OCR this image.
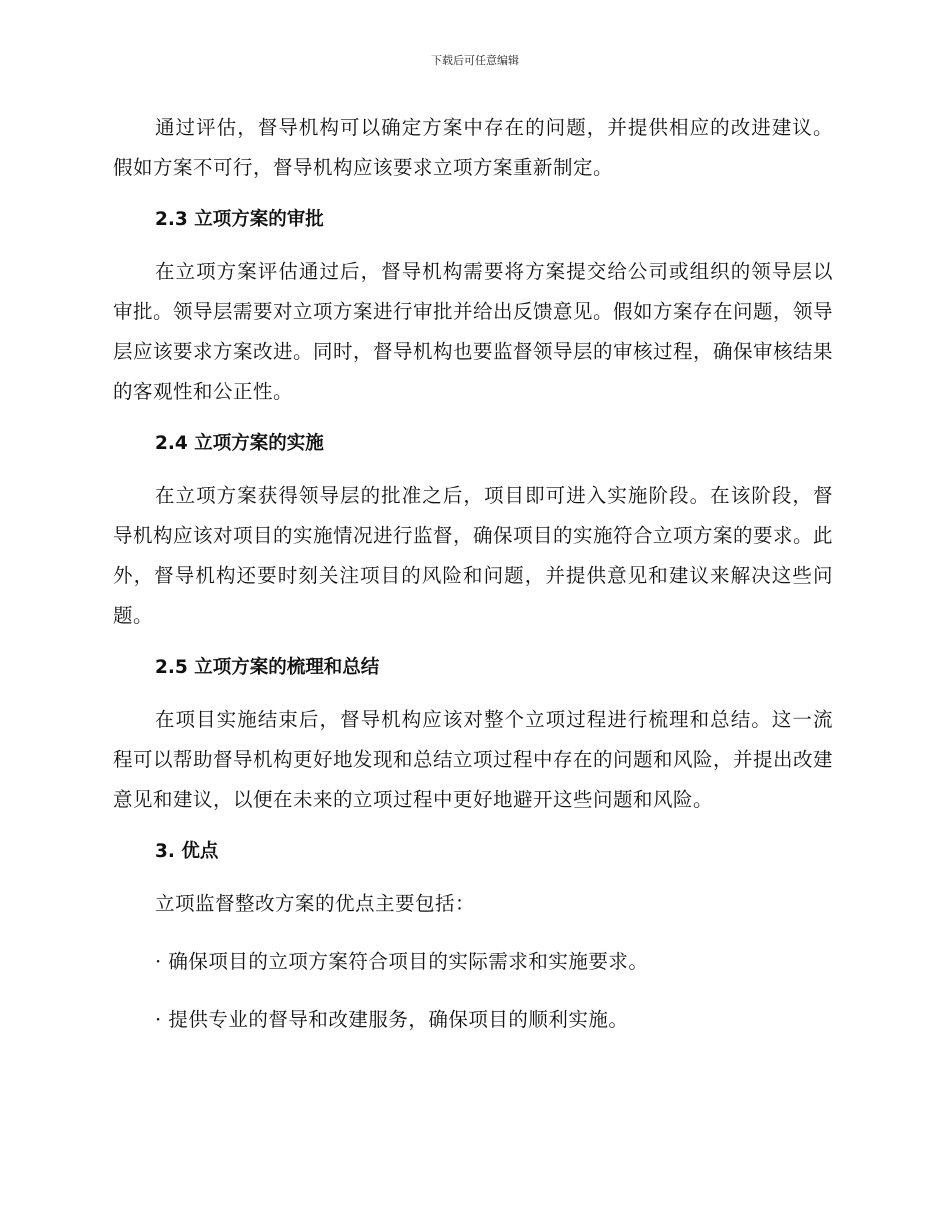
下载后可任意编辑

通过评估，督导机构可以确定方案中存在的问题，并提供相应的改进建议。假如方案不可行，督导机构应该要求立项方案重新制定。

2.3 立项方案的审批

在立项方案评估通过后，督导机构需要将方案提交给公司或组织的领导层以审批。领导层需要对立项方案进行审批并给出反馈意见。假如方案存在问题，领导层应该要求方案改进。同时，督导机构也要监督领导层的审核过程，确保审核结果的客观性和公正性。

2.4 立项方案的实施

在立项方案获得领导层的批准之后，项目即可进入实施阶段。在该阶段，督导机构应该对项目的实施情况进行监督，确保项目的实施符合立项方案的要求。此外，督导机构还要时刻关注项目的风险和问题，并提供意见和建议来解决这些问题。

2.5 立项方案的梳理和总结

在项目实施结束后，督导机构应该对整个立项过程进行梳理和总结。这一流程可以帮助督导机构更好地发现和总结立项过程中存在的问题和风险，并提出改建意见和建议，以便在未来的立项过程中更好地避开这些问题和风险。

3. 优点
立项监督整改方案的优点主要包括：
· 确保项目的立项方案符合项目的实际需求和实施要求。
· 提供专业的督导和改建服务，确保项目的顺利实施。
